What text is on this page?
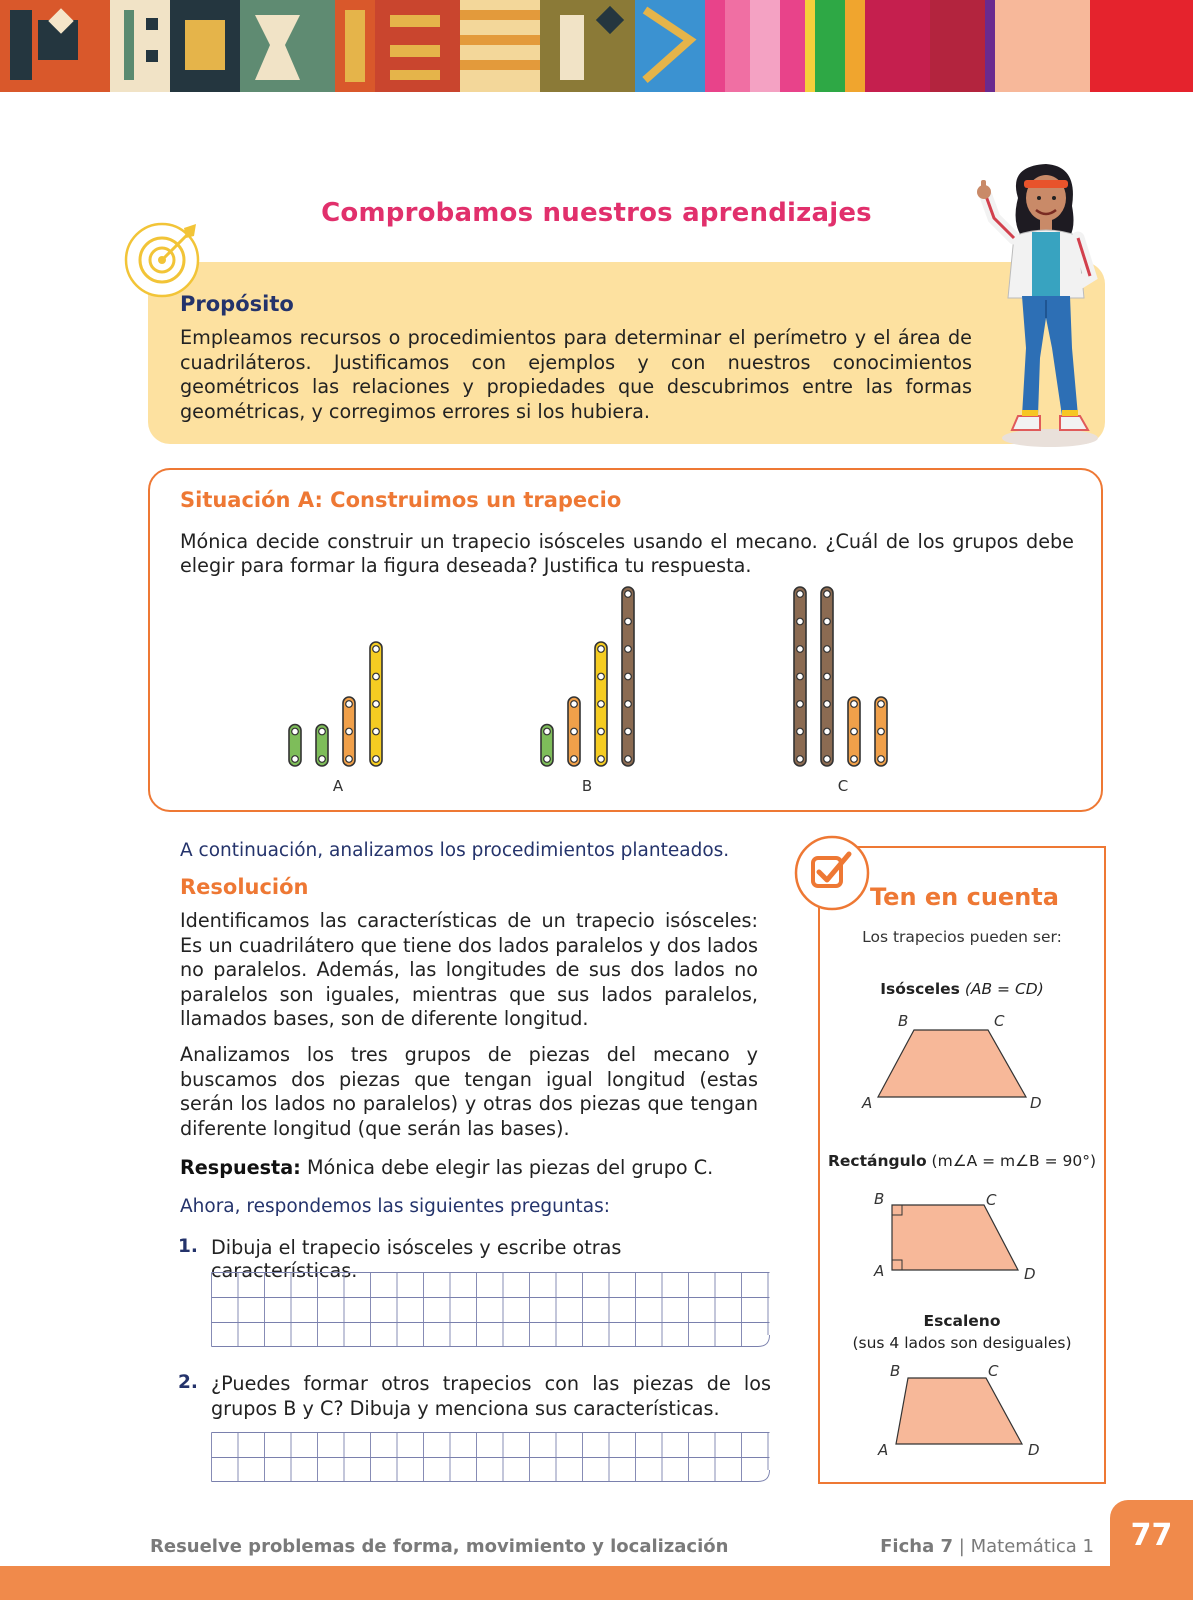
Comprobamos nuestros aprendizajes
Propósito
Empleamos recursos o procedimientos para determinar el perímetro y el área de cuadriláteros. Justificamos con ejemplos y con nuestros conocimientos geométricos las relaciones y propiedades que descubrimos entre las formas geométricas, y corregimos errores si los hubiera.
Situación A: Construimos un trapecio
Mónica decide construir un trapecio isósceles usando el mecano. ¿Cuál de los grupos debe elegir para formar la figura deseada? Justifica tu respuesta.
A	B	C
A continuación, analizamos los procedimientos planteados.
Resolución
Identificamos las características de un trapecio isósceles: Es un cuadrilátero que tiene dos lados paralelos y dos lados no paralelos. Además, las longitudes de sus dos lados no paralelos son iguales, mientras que sus lados paralelos, llamados bases, son de diferente longitud.
Analizamos los tres grupos de piezas del mecano y buscamos dos piezas que tengan igual longitud (estas serán los lados no paralelos) y otras dos piezas que tengan diferente longitud (que serán las bases).
Respuesta: Mónica debe elegir las piezas del grupo C.
Ahora, respondemos las siguientes preguntas:
1. Dibuja el trapecio isósceles y escribe otras características.
2. ¿Puedes formar otros trapecios con las piezas de los grupos B y C? Dibuja y menciona sus características.
Ten en cuenta
Los trapecios pueden ser:
Isósceles (AB = CD)
Rectángulo (m∠A = m∠B = 90°)
Escaleno
(sus 4 lados son desiguales)
B	C
A	D
B	C
A	D
B	C
A	D
77
Resuelve problemas de forma, movimiento y localización	Ficha 7 | Matemática 1
